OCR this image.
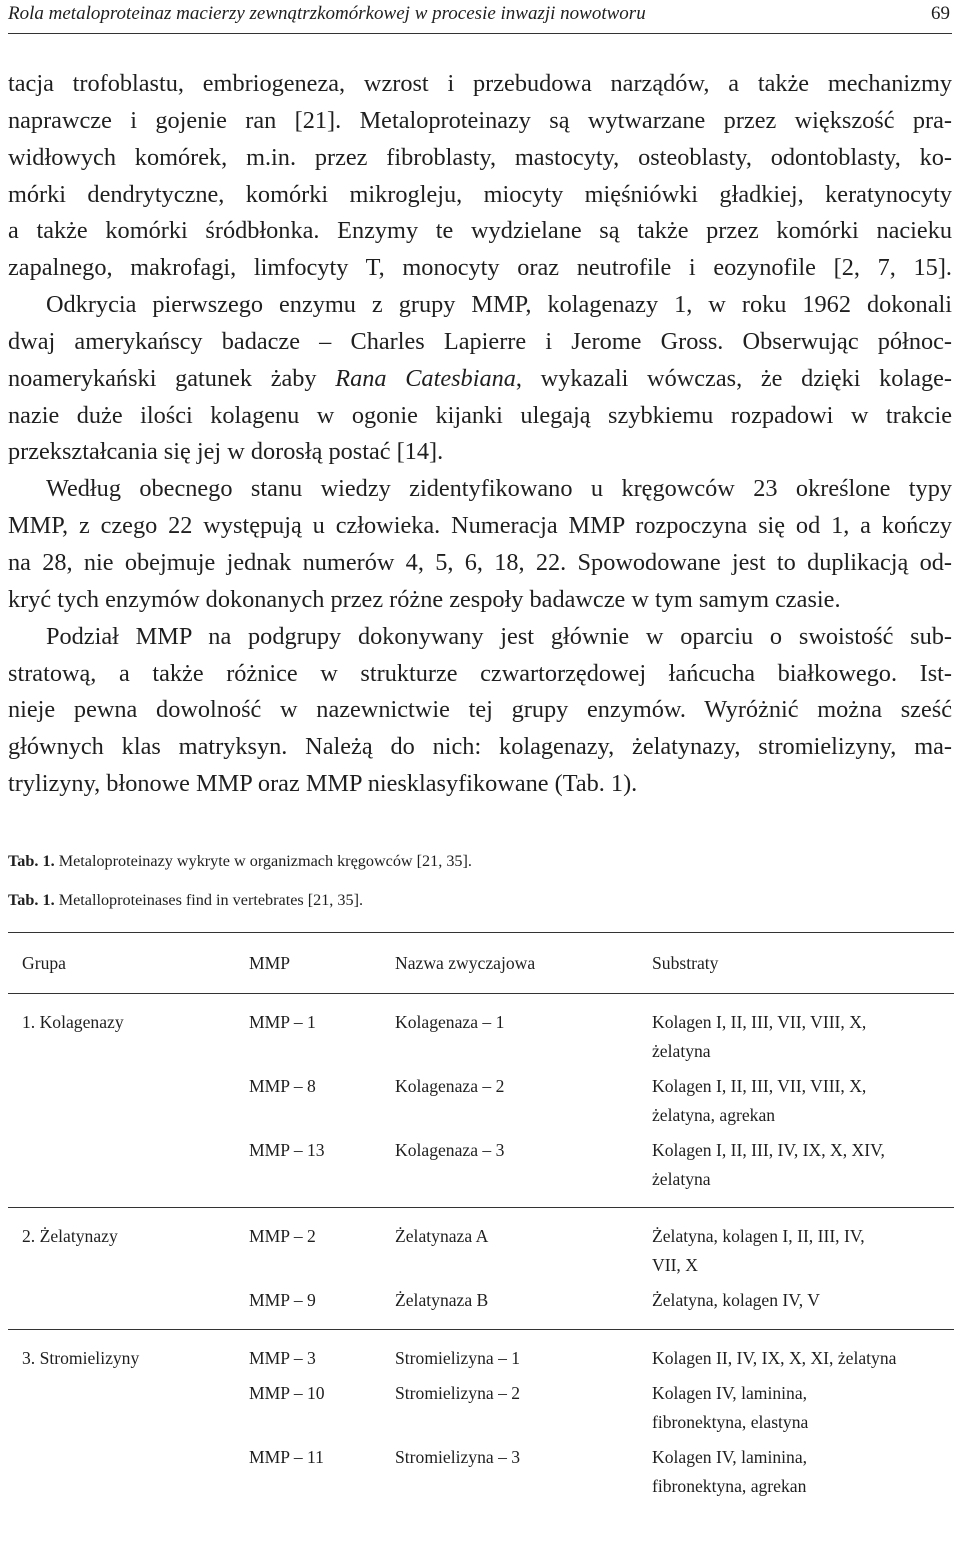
Rola metaloproteinaz macierzy zewnątrzkomórkowej w procesie inwazji nowotworu	69
tacja trofoblastu, embriogeneza, wzrost i przebudowa narządów, a także mechanizmy
naprawcze i gojenie ran [21]. Metaloproteinazy są wytwarzane przez większość pra-
widłowych komórek, m.in. przez fibroblasty, mastocyty, osteoblasty, odontoblasty, ko-
mórki dendrytyczne, komórki mikrogleju, miocyty mięśniówki gładkiej, keratynocyty
a także komórki śródbłonka. Enzymy te wydzielane są także przez komórki nacieku
zapalnego, makrofagi, limfocyty T, monocyty oraz neutrofile i eozynofile [2, 7, 15].
Odkrycia pierwszego enzymu z grupy MMP, kolagenazy 1, w roku 1962 dokonali
dwaj amerykańscy badacze – Charles Lapierre i Jerome Gross. Obserwując północ-
noamerykański gatunek żaby Rana Catesbiana, wykazali wówczas, że dzięki kolage-
nazie duże ilości kolagenu w ogonie kijanki ulegają szybkiemu rozpadowi w trakcie
przekształcania się jej w dorosłą postać [14].
Według obecnego stanu wiedzy zidentyfikowano u kręgowców 23 określone typy
MMP, z czego 22 występują u człowieka. Numeracja MMP rozpoczyna się od 1, a kończy
na 28, nie obejmuje jednak numerów 4, 5, 6, 18, 22. Spowodowane jest to duplikacją od-
kryć tych enzymów dokonanych przez różne zespoły badawcze w tym samym czasie.
Podział MMP na podgrupy dokonywany jest głównie w oparciu o swoistość sub-
stratową, a także różnice w strukturze czwartorzędowej łańcucha białkowego. Ist-
nieje pewna dowolność w nazewnictwie tej grupy enzymów. Wyróżnić można sześć
głównych klas matryksyn. Należą do nich: kolagenazy, żelatynazy, stromielizyny, ma-
trylizyny, błonowe MMP oraz MMP niesklasyfikowane (Tab. 1).
Tab. 1. Metaloproteinazy wykryte w organizmach kręgowców [21, 35].
Tab. 1. Metalloproteinases find in vertebrates [21, 35].
Grupa	MMP	Nazwa zwyczajowa	Substraty
1. Kolagenazy	MMP – 1	Kolagenaza – 1	Kolagen I, II, III, VII, VIII, X,
żelatyna

	MMP – 8	Kolagenaza – 2	Kolagen I, II, III, VII, VIII, X,
żelatyna, agrekan

	MMP – 13	Kolagenaza – 3	Kolagen I, II, III, IV, IX, X, XIV,
żelatyna

2. Żelatynazy	MMP – 2	Żelatynaza A	Żelatyna, kolagen I, II, III, IV,
VII, X

	MMP – 9	Żelatynaza B	Żelatyna, kolagen IV, V

3. Stromielizyny	MMP – 3	Stromielizyna – 1	Kolagen II, IV, IX, X, XI, żelatyna

	MMP – 10	Stromielizyna – 2	Kolagen IV, laminina,
fibronektyna, elastyna

	MMP – 11	Stromielizyna – 3	Kolagen IV, laminina,
fibronektyna, agrekan
